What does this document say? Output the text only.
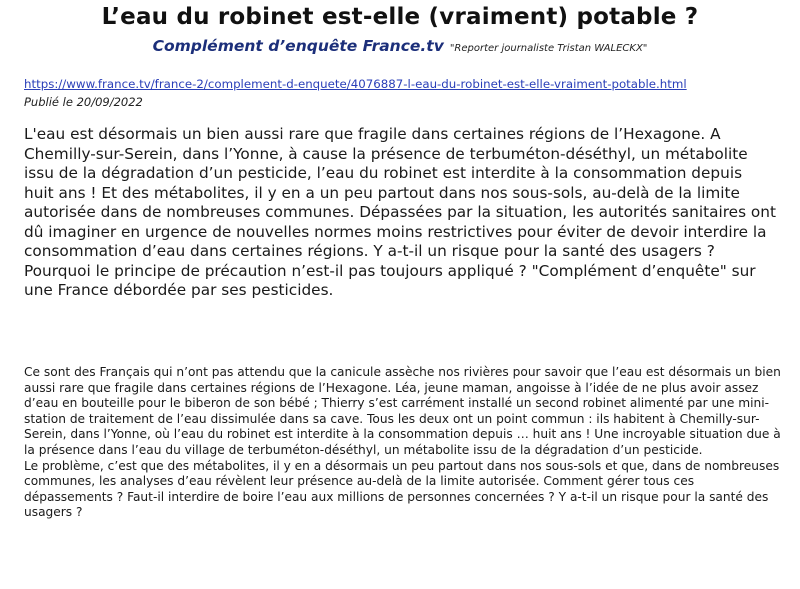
L’eau du robinet est-elle (vraiment) potable ?
Complément d’enquête France.tv "Reporter journaliste Tristan WALECKX"
https://www.france.tv/france-2/complement-d-enquete/4076887-l-eau-du-robinet-est-elle-vraiment-potable.html
Publié le 20/09/2022

L'eau est désormais un bien aussi rare que fragile dans certaines régions de l’Hexagone. A Chemilly-sur-Serein, dans l’Yonne, à cause la présence de terbuméton-déséthyl, un métabolite issu de la dégradation d’un pesticide, l’eau du robinet est interdite à la consommation depuis huit ans ! Et des métabolites, il y en a un peu partout dans nos sous-sols, au-delà de la limite autorisée dans de nombreuses communes. Dépassées par la situation, les autorités sanitaires ont dû imaginer en urgence de nouvelles normes moins restrictives pour éviter de devoir interdire la consommation d’eau dans certaines régions. Y a-t-il un risque pour la santé des usagers ? Pourquoi le principe de précaution n’est-il pas toujours appliqué ? "Complément d’enquête" sur une France débordée par ses pesticides.

Ce sont des Français qui n’ont pas attendu que la canicule assèche nos rivières pour savoir que l’eau est désormais un bien aussi rare que fragile dans certaines régions de l’Hexagone. Léa, jeune maman, angoisse à l’idée de ne plus avoir assez d’eau en bouteille pour le biberon de son bébé ; Thierry s’est carrément installé un second robinet alimenté par une mini-station de traitement de l’eau dissimulée dans sa cave. Tous les deux ont un point commun : ils habitent à Chemilly-sur-Serein, dans l’Yonne, où l’eau du robinet est interdite à la consommation depuis … huit ans ! Une incroyable situation due à la présence dans l’eau du village de terbuméton-déséthyl, un métabolite issu de la dégradation d’un pesticide.

Le problème, c’est que des métabolites, il y en a désormais un peu partout dans nos sous-sols et que, dans de nombreuses communes, les analyses d’eau révèlent leur présence au-delà de la limite autorisée. Comment gérer tous ces dépassements ? Faut-il interdire de boire l’eau aux millions de personnes concernées ? Y a-t-il un risque pour la santé des usagers ?
